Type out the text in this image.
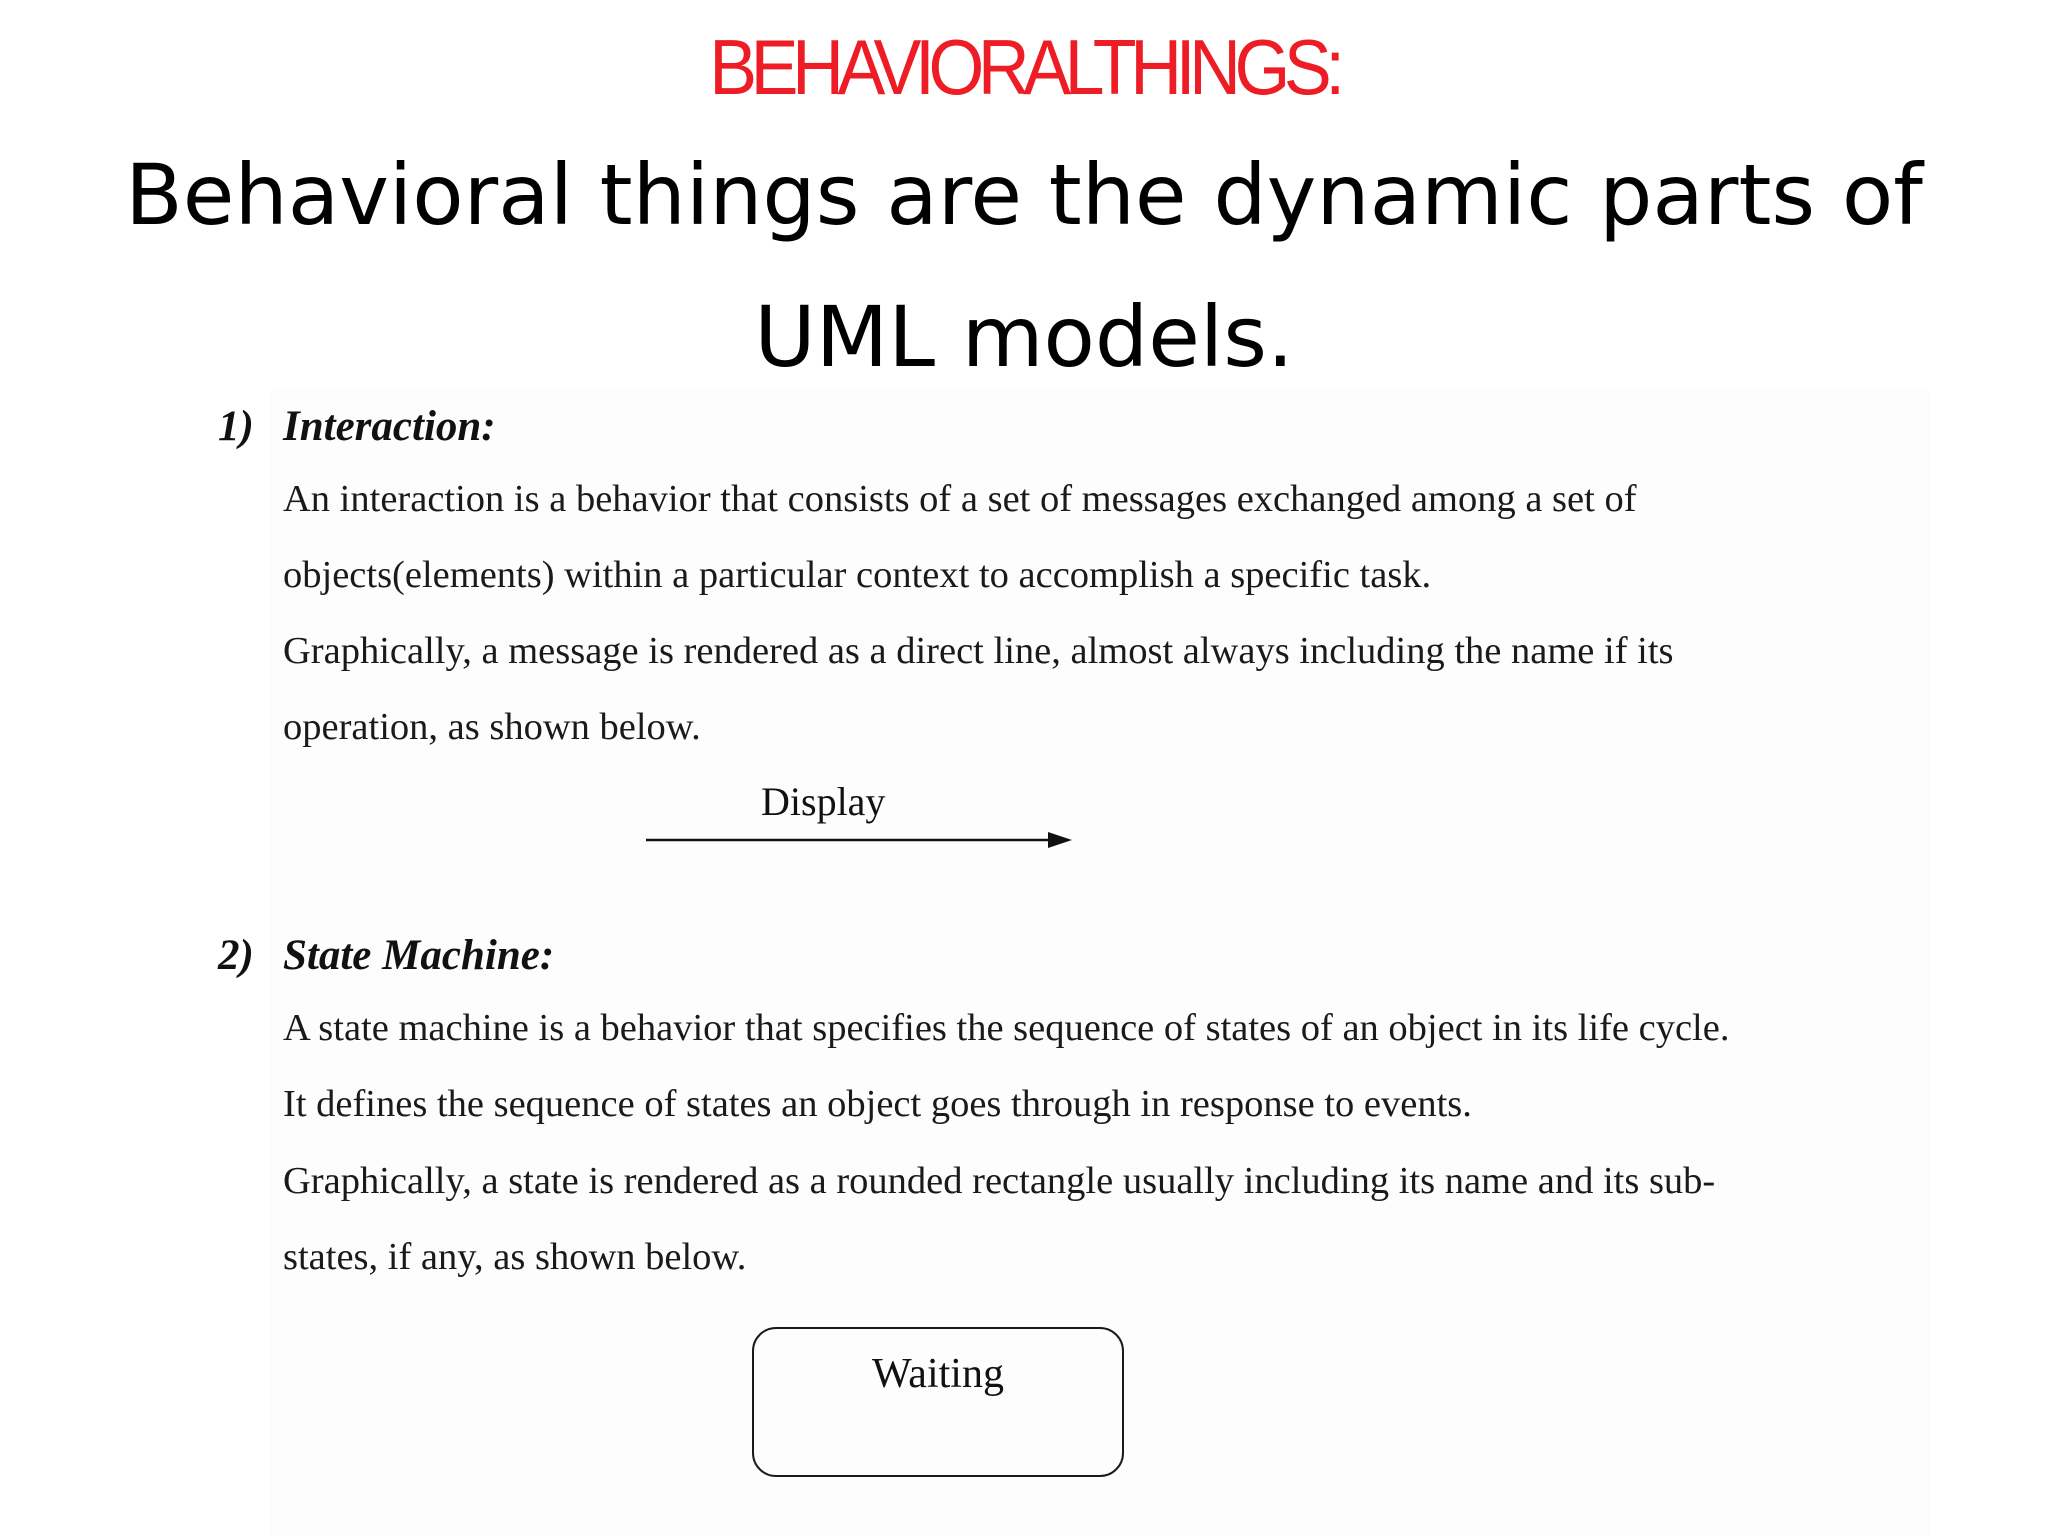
BEHAVIORALTHINGS:
Behavioral things are the dynamic parts of
UML models.
1) Interaction:
An interaction is a behavior that consists of a set of messages exchanged among a set of
objects(elements) within a particular context to accomplish a specific task.
Graphically, a message is rendered as a direct line, almost always including the name if its
operation, as shown below.
Display
2) State Machine:
A state machine is a behavior that specifies the sequence of states of an object in its life cycle.
It defines the sequence of states an object goes through in response to events.
Graphically, a state is rendered as a rounded rectangle usually including its name and its sub-
states, if any, as shown below.
Waiting
